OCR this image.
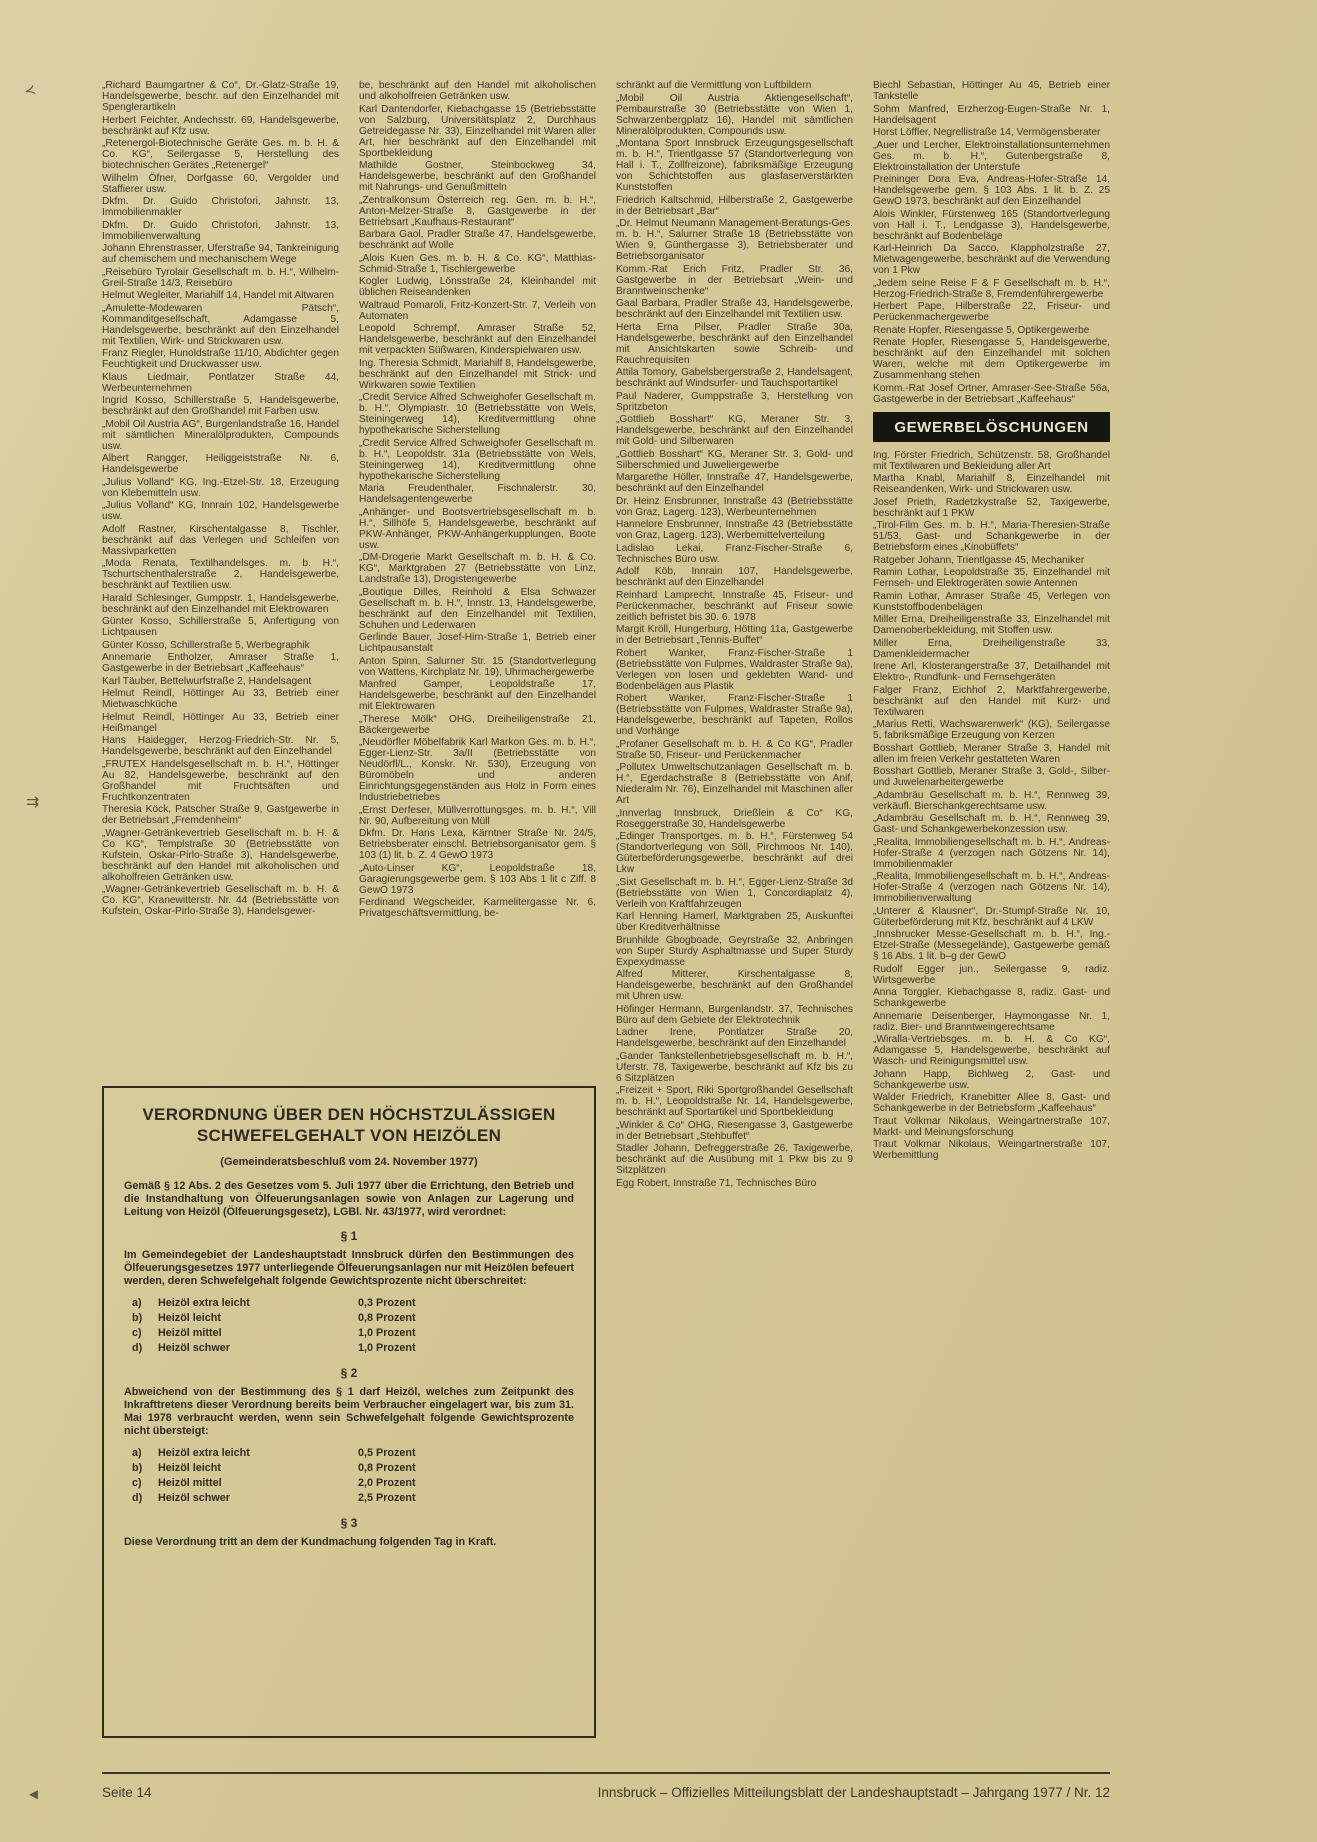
≺
⇉
◄

„Richard Baumgartner & Co“, Dr.-Glatz-Straße 19, Handelsgewerbe, beschr. auf den Einzelhandel mit Spenglerartikeln

Herbert Feichter, Andechsstr. 69, Handelsgewerbe, beschränkt auf Kfz usw.

„Retenergol-Biotechnische Geräte Ges. m. b. H. & Co. KG“, Seilergasse 5, Herstellung des biotechnischen Gerätes „Retenergel“

Wilhelm Öfner, Dorfgasse 60, Vergolder und Staffierer usw.

Dkfm. Dr. Guido Christofori, Jahnstr. 13, Immobilienmakler

Dkfm. Dr. Guido Christofori, Jahnstr. 13, Immobilienverwaltung

Johann Ehrenstrasser, Uferstraße 94, Tankreinigung auf chemischem und mechanischem Wege

„Reisebüro Tyrolair Gesellschaft m. b. H.“, Wilhelm-Greil-Straße 14/3, Reisebüro

Helmut Wegleiter, Mariahilf 14, Handel mit Altwaren

„Amulette-Modewaren Pätsch“, Kommanditgesellschaft, Adamgasse 5, Handelsgewerbe, beschränkt auf den Einzelhandel mit Textilien, Wirk- und Strickwaren usw.

Franz Riegler, Hunoldstraße 11/10, Abdichter gegen Feuchtigkeit und Druckwasser usw.

Klaus Liedmair, Pontlatzer Straße 44, Werbeunternehmen

Ingrid Kosso, Schillerstraße 5, Handelsgewerbe, beschränkt auf den Großhandel mit Farben usw.

„Mobil Oil Austria AG“, Burgenlandstraße 16, Handel mit sämtlichen Mineralölprodukten, Compounds usw.

Albert Rangger, Heiliggeiststraße Nr. 6, Handelsgewerbe

„Julius Volland“ KG, Ing.-Etzel-Str. 18, Erzeugung von Klebemitteln usw.

„Julius Volland“ KG, Innrain 102, Handelsgewerbe usw.

Adolf Rastner, Kirschentalgasse 8, Tischler, beschränkt auf das Verlegen und Schleifen von Massivparketten

„Moda Renata, Textilhandelsges. m. b. H.“, Tschurtschenthalerstraße 2, Handelsgewerbe, beschränkt auf Textilien usw.

Harald Schlesinger, Gumppstr. 1, Handelsgewerbe, beschränkt auf den Einzelhandel mit Elektrowaren

Günter Kosso, Schillerstraße 5, Anfertigung von Lichtpausen

Günter Kosso, Schillerstraße 5, Werbegraphik

Annemarie Entholzer, Amraser Straße 1, Gastgewerbe in der Betriebsart „Kaffeehaus“

Karl Täuber, Bettelwurfstraße 2, Handelsagent

Helmut Reindl, Höttinger Au 33, Betrieb einer Mietwaschküche

Helmut Reindl, Höttinger Au 33, Betrieb einer Heißmangel

Hans Haidegger, Herzog-Friedrich-Str. Nr. 5, Handelsgewerbe, beschränkt auf den Einzelhandel

„FRUTEX Handelsgesellschaft m. b. H.“, Höttinger Au 82, Handelsgewerbe, beschränkt auf den Großhandel mit Fruchtsäften und Fruchtkonzentraten

Theresia Köck, Patscher Straße 9, Gastgewerbe in der Betriebsart „Fremdenheim“

„Wagner-Getränkevertrieb Gesellschaft m. b. H. & Co KG“, Templstraße 30 (Betriebsstätte von Kufstein, Oskar-Pirlo-Straße 3), Handelsgewerbe, beschränkt auf den Handel mit alkoholischen und alkoholfreien Getränken usw.

„Wagner-Getränkevertrieb Gesellschaft m. b. H. & Co. KG“, Kranewitterstr. Nr. 44 (Betriebsstätte von Kufstein, Oskar-Pirlo-Straße 3), Handelsgewer-

be, beschränkt auf den Handel mit alkoholischen und alkoholfreien Getränken usw.

Karl Dantendorfer, Kiebachgasse 15 (Betriebsstätte von Salzburg, Universitätsplatz 2, Durchhaus Getreidegasse Nr. 33), Einzelhandel mit Waren aller Art, hier beschränkt auf den Einzelhandel mit Sportbekleidung

Mathilde Gostner, Steinbockweg 34, Handelsgewerbe, beschränkt auf den Großhandel mit Nahrungs- und Genußmitteln

„Zentralkonsum Österreich reg. Gen. m. b. H.“, Anton-Melzer-Straße 8, Gastgewerbe in der Betriebsart „Kaufhaus-Restaurant“

Barbara Gaol, Pradler Straße 47, Handelsgewerbe, beschränkt auf Wolle

„Alois Kuen Ges. m. b. H. & Co. KG“, Matthias-Schmid-Straße 1, Tischlergewerbe

Kogler Ludwig, Lönsstraße 24, Kleinhandel mit üblichen Reiseandenken

Waltraud Pomaroli, Fritz-Konzert-Str. 7, Verleih von Automaten

Leopold Schrempf, Amraser Straße 52, Handelsgewerbe, beschränkt auf den Einzelhandel mit verpackten Süßwaren, Kinderspielwaren usw.

Ing. Theresia Schmidt, Mariahilf 8, Handelsgewerbe, beschränkt auf den Einzelhandel mit Strick- und Wirkwaren sowie Textilien

„Credit Service Alfred Schweighofer Gesellschaft m. b. H.“, Olympiastr. 10 (Betriebsstätte von Wels, Steiningerweg 14), Kreditvermittlung ohne hypothekarische Sicherstellung

„Credit Service Alfred Schweighofer Gesellschaft m. b. H.“, Leopoldstr. 31a (Betriebsstätte von Wels, Steiningerweg 14), Kreditvermittlung ohne hypothekarische Sicherstellung

Maria Freudenthaler, Fischnalerstr. 30, Handelsagentengewerbe

„Anhänger- und Bootsvertriebsgesellschaft m. b. H.“, Sillhöfe 5, Handelsgewerbe, beschränkt auf PKW-Anhänger, PKW-Anhängerkupplungen, Boote usw.

„DM-Drogerie Markt Gesellschaft m. b. H. & Co. KG“, Marktgraben 27 (Betriebsstätte von Linz, Landstraße 13), Drogistengewerbe

„Boutique Dilles, Reinhold & Elsa Schwazer Gesellschaft m. b. H.“, Innstr. 13, Handelsgewerbe, beschränkt auf den Einzelhandel mit Textilien, Schuhen und Lederwaren

Gerlinde Bauer, Josef-Hirn-Straße 1, Betrieb einer Lichtpausanstalt

Anton Spinn, Salurner Str. 15 (Standortverlegung von Wattens, Kirchplatz Nr. 19), Uhrmachergewerbe

Manfred Gamper, Leopoldstraße 17, Handelsgewerbe, beschränkt auf den Einzelhandel mit Elektrowaren

„Therese Mölk“ OHG, Dreiheiligenstraße 21, Bäckergewerbe

„Neudörfler Möbelfabrik Karl Markon Ges. m. b. H.“, Egger-Lienz-Str. 3a/II (Betriebsstätte von Neudörfl/L., Konskr. Nr. 530), Erzeugung von Büromöbeln und anderen Einrichtungsgegenständen aus Holz in Form eines Industriebetriebes

„Ernst Derfeser, Müllverrottungsges. m. b. H.“, Vill Nr. 90, Aufbereitung von Müll

Dkfm. Dr. Hans Lexa, Kärntner Straße Nr. 24/5, Betriebsberater einschl. Betriebsorganisator gem. § 103 (1) lit. b. Z. 4 GewO 1973

„Auto-Linser KG“, Leopoldstraße 18, Garagierungsgewerbe gem. § 103 Abs 1 lit c Ziff. 8 GewO 1973

Ferdinand Wegscheider, Karmelitergasse Nr. 6, Privatgeschäftsvermittlung, be-

VERORDNUNG ÜBER DEN HÖCHSTZULÄSSIGEN
SCHWEFELGEHALT VON HEIZÖLEN
(Gemeinderatsbeschluß vom 24. November 1977)

Gemäß § 12 Abs. 2 des Gesetzes vom 5. Juli 1977 über die Errichtung, den Betrieb und die Instandhaltung von Ölfeuerungsanlagen sowie von Anlagen zur Lagerung und Leitung von Heizöl (Ölfeuerungsgesetz), LGBl. Nr. 43/1977, wird verordnet:

§ 1

Im Gemeindegebiet der Landeshauptstadt Innsbruck dürfen den Bestimmungen des Ölfeuerungsgesetzes 1977 unterliegende Ölfeuerungsanlagen nur mit Heizölen befeuert werden, deren Schwefelgehalt folgende Gewichtsprozente nicht überschreitet:

a)	Heizöl extra leicht	0,3 Prozent
b)	Heizöl leicht	0,8 Prozent
c)	Heizöl mittel	1,0 Prozent
d)	Heizöl schwer	1,0 Prozent
§ 2

Abweichend von der Bestimmung des § 1 darf Heizöl, welches zum Zeitpunkt des Inkrafttretens dieser Verordnung bereits beim Verbraucher eingelagert war, bis zum 31. Mai 1978 verbraucht werden, wenn sein Schwefelgehalt folgende Gewichtsprozente nicht übersteigt:

a)	Heizöl extra leicht	0,5 Prozent
b)	Heizöl leicht	0,8 Prozent
c)	Heizöl mittel	2,0 Prozent
d)	Heizöl schwer	2,5 Prozent
§ 3

Diese Verordnung tritt an dem der Kundmachung folgenden Tag in Kraft.

schränkt auf die Vermittlung von Luftbildern

„Mobil Oil Austria Aktiengesellschaft“, Pembaurstraße 30 (Betriebsstätte von Wien 1, Schwarzenbergplatz 16), Handel mit sämtlichen Mineralölprodukten, Compounds usw.

„Montana Sport Innsbruck Erzeugungsgesellschaft m. b. H.“, Trientlgasse 57 (Standortverlegung von Hall i. T., Zollfreizone), fabriksmäßige Erzeugung von Schichtstoffen aus glasfaserverstärkten Kunststoffen

Friedrich Kaltschmid, Hilberstraße 2, Gastgewerbe in der Betriebsart „Bar“

„Dr. Helmut Neumann Management-Beratungs-Ges. m. b. H.“, Salurner Straße 18 (Betriebsstätte von Wien 9, Günthergasse 3), Betriebsberater und Betriebsorganisator

Komm.-Rat Erich Fritz, Pradler Str. 36, Gastgewerbe in der Betriebsart „Wein- und Branntweinschenke“

Gaal Barbara, Pradler Straße 43, Handelsgewerbe, beschränkt auf den Einzelhandel mit Textilien usw.

Herta Erna Pilser, Pradler Straße 30a, Handelsgewerbe, beschränkt auf den Einzelhandel mit Ansichtskarten sowie Schreib- und Rauchrequisiten

Attila Tomory, Gabelsbergerstraße 2, Handelsagent, beschränkt auf Windsurfer- und Tauchsportartikel

Paul Naderer, Gumppstraße 3, Herstellung von Spritzbeton

„Gottlieb Bosshart“ KG, Meraner Str. 3, Handelsgewerbe, beschränkt auf den Einzelhandel mit Gold- und Silberwaren

„Gottlieb Bosshart“ KG, Meraner Str. 3, Gold- und Silberschmied und Juweliergewerbe

Margarethe Höller, Innstraße 47, Handelsgewerbe, beschränkt auf den Einzelhandel

Dr. Heinz Ensbrunner, Innstraße 43 (Betriebsstätte von Graz, Lagerg. 123), Werbeunternehmen

Hannelore Ensbrunner, Innstraße 43 (Betriebsstätte von Graz, Lagerg. 123), Werbemittelverteilung

Ladislao Lekai, Franz-Fischer-Straße 6, Technisches Büro usw.

Adolf Köb, Innrain 107, Handelsgewerbe, beschränkt auf den Einzelhandel

Reinhard Lamprecht, Innstraße 45, Friseur- und Perückenmacher, beschränkt auf Friseur sowie zeitlich befristet bis 30. 6. 1978

Margit Kröll, Hungerburg, Hötting 11a, Gastgewerbe in der Betriebsart „Tennis-Buffet“

Robert Wanker, Franz-Fischer-Straße 1 (Betriebsstätte von Fulpmes, Waldraster Straße 9a), Verlegen von losen und geklebten Wand- und Bodenbelägen aus Plastik

Robert Wanker, Franz-Fischer-Straße 1 (Betriebsstätte von Fulpmes, Waldraster Straße 9a), Handelsgewerbe, beschränkt auf Tapeten, Rollos und Vorhänge

„Profaner Gesellschaft m. b. H. & Co KG“, Pradler Straße 50, Friseur- und Perückenmacher

„Pollutex Umweltschutzanlagen Gesellschaft m. b. H.“, Egerdachstraße 8 (Betriebsstätte von Anif, Niederalm Nr. 76), Einzelhandel mit Maschinen aller Art

„Innverlag Innsbruck, Drießlein & Co“ KG, Roseggerstraße 30, Handelsgewerbe

„Edinger Transportges. m. b. H.“, Fürstenweg 54 (Standortverlegung von Söll, Pirchmoos Nr. 140), Güterbeförderungsgewerbe, beschränkt auf drei Lkw

„Sixt Gesellschaft m. b. H.“, Egger-Lienz-Straße 3d (Betriebsstätte von Wien 1, Concordiaplatz 4), Verleih von Kraftfahrzeugen

Karl Henning Hamerl, Marktgraben 25, Auskunftei über Kreditverhältnisse

Brunhilde Gbogboade, Geyrstraße 32, Anbringen von Super Sturdy Asphaltmasse und Super Sturdy Expexydmasse

Alfred Mitterer, Kirschentalgasse 8, Handelsgewerbe, beschränkt auf den Großhandel mit Uhren usw.

Höfinger Hermann, Burgenlandstr. 37, Technisches Büro auf dem Gebiete der Elektrotechnik

Ladner Irene, Pontlatzer Straße 20, Handelsgewerbe, beschränkt auf den Einzelhandel

„Gander Tankstellenbetriebsgesellschaft m. b. H.“, Uferstr. 78, Taxigewerbe, beschränkt auf Kfz bis zu 6 Sitzplätzen

„Freizeit + Sport, Riki Sportgroßhandel Gesellschaft m. b. H.“, Leopoldstraße Nr. 14, Handelsgewerbe, beschränkt auf Sportartikel und Sportbekleidung

„Winkler & Co“ OHG, Riesengasse 3, Gastgewerbe in der Betriebsart „Stehbuffet“

Stadler Johann, Defreggerstraße 26, Taxigewerbe, beschränkt auf die Ausübung mit 1 Pkw bis zu 9 Sitzplätzen

Egg Robert, Innstraße 71, Technisches Büro

Biechl Sebastian, Höttinger Au 45, Betrieb einer Tankstelle

Sohm Manfred, Erzherzog-Eugen-Straße Nr. 1, Handelsagent

Horst Löffler, Negrellistraße 14, Vermögensberater

„Auer und Lercher, Elektroinstallationsunternehmen Ges. m. b. H.“, Gutenbergstraße 8, Elektroinstallation der Unterstufe

Preininger Dora Eva, Andreas-Hofer-Straße 14, Handelsgewerbe gem. § 103 Abs. 1 lit. b. Z. 25 GewO 1973, beschränkt auf den Einzelhandel

Alois Winkler, Fürstenweg 165 (Standortverlegung von Hall i. T., Lendgasse 3), Handelsgewerbe, beschränkt auf Bodenbeläge

Karl-Heinrich Da Sacco, Klappholzstraße 27, Mietwagengewerbe, beschränkt auf die Verwendung von 1 Pkw

„Jedem seine Reise F & F Gesellschaft m. b. H.“, Herzog-Friedrich-Straße 8, Fremdenführergewerbe

Herbert Pape, Hilberstraße 22, Friseur- und Perückenmachergewerbe

Renate Hopfer, Riesengasse 5, Optikergewerbe

Renate Hopfer, Riesengasse 5, Handelsgewerbe, beschränkt auf den Einzelhandel mit solchen Waren, welche mit dem Optikergewerbe im Zusammenhang stehen

Komm.-Rat Josef Ortner, Amraser-See-Straße 56a, Gastgewerbe in der Betriebsart „Kaffeehaus“

GEWERBELÖSCHUNGEN

Ing. Förster Friedrich, Schützenstr. 58, Großhandel mit Textilwaren und Bekleidung aller Art

Martha Knabl, Mariahilf 8, Einzelhandel mit Reiseandenken, Wirk- und Strickwaren usw.

Josef Prieth, Radetzkystraße 52, Taxigewerbe, beschränkt auf 1 PKW

„Tirol-Film Ges. m. b. H.“, Maria-Theresien-Straße 51/53, Gast- und Schankgewerbe in der Betriebsform eines „Kinobüffets“

Ratgeber Johann, Trientlgasse 45, Mechaniker

Ramin Lothar, Leopoldstraße 35, Einzelhandel mit Fernseh- und Elektrogeräten sowie Antennen

Ramin Lothar, Amraser Straße 45, Verlegen von Kunststoffbodenbelägen

Miller Erna, Dreiheiligenstraße 33, Einzelhandel mit Damenoberbekleidung, mit Stoffen usw.

Miller Erna, Dreiheiligenstraße 33, Damenkleidermacher

Irene Arl, Klosterangerstraße 37, Detailhandel mit Elektro-, Rundfunk- und Fernsehgeräten

Falger Franz, Eichhof 2, Marktfahrergewerbe, beschränkt auf den Handel mit Kurz- und Textilwaren

„Marius Retti, Wachswarenwerk“ (KG), Seilergasse 5, fabriksmäßige Erzeugung von Kerzen

Bosshart Gottlieb, Meraner Straße 3, Handel mit allen im freien Verkehr gestatteten Waren

Bosshart Gottlieb, Meraner Straße 3, Gold-, Silber- und Juwelenarbeitergewerbe

„Adambräu Gesellschaft m. b. H.“, Rennweg 39, verkäufl. Bierschankgerechtsame usw.

„Adambräu Gesellschaft m. b. H.“, Rennweg 39, Gast- und Schankgewerbekonzession usw.

„Realita, Immobiliengesellschaft m. b. H.“, Andreas-Hofer-Straße 4 (verzogen nach Götzens Nr. 14), Immobilienmakler

„Realita, Immobiliengesellschaft m. b. H.“, Andreas-Hofer-Straße 4 (verzogen nach Götzens Nr. 14), Immobilienverwaltung

„Unterer & Klausner“, Dr.-Stumpf-Straße Nr. 10, Güterbeförderung mit Kfz, beschränkt auf 4 LKW

„Innsbrucker Messe-Gesellschaft m. b. H.“, Ing.-Etzel-Straße (Messegelände), Gastgewerbe gemäß § 16 Abs. 1 lit. b–g der GewO

Rudolf Egger jun., Seilergasse 9, radiz. Wirtsgewerbe

Anna Torggler, Kiebachgasse 8, radiz. Gast- und Schankgewerbe

Annemarie Deisenberger, Haymongasse Nr. 1, radiz. Bier- und Branntweingerechtsame

„Wiralla-Vertriebsges. m. b. H. & Co KG“, Adamgasse 5, Handelsgewerbe, beschränkt auf Wasch- und Reinigungsmittel usw.

Johann Happ, Bichlweg 2, Gast- und Schankgewerbe usw.

Walder Friedrich, Kranebitter Allee 8, Gast- und Schankgewerbe in der Betriebsform „Kaffeehaus“

Traut Volkmar Nikolaus, Weingartnerstraße 107, Markt- und Meinungsforschung

Traut Volkmar Nikolaus, Weingartnerstraße 107, Werbemittlung

Seite 14	Innsbruck – Offizielles Mitteilungsblatt der Landeshauptstadt – Jahrgang 1977 / Nr. 12
